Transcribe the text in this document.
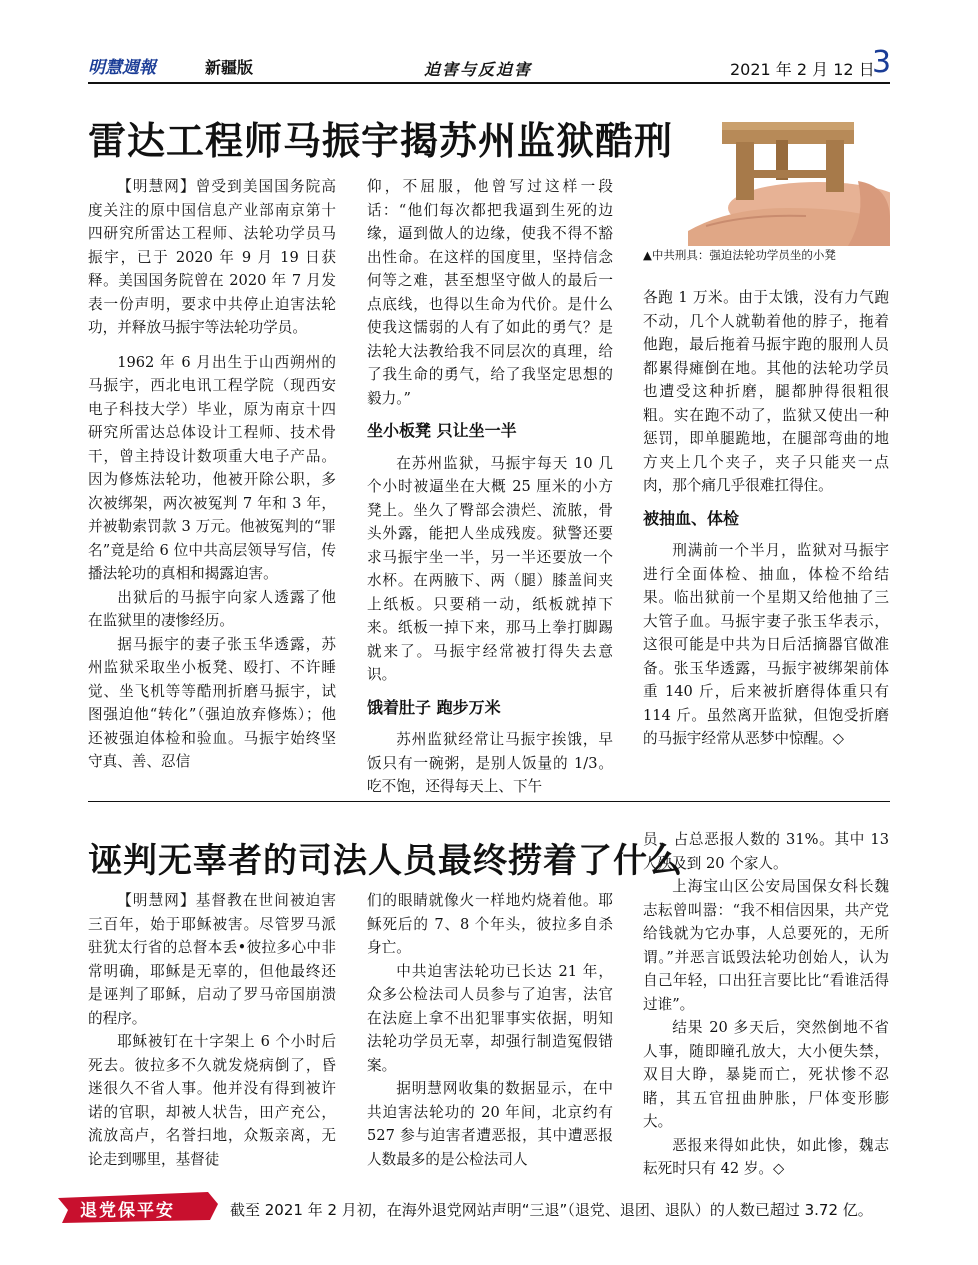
明慧週報	新疆版	迫害与反迫害	2021 年 2 月 12 日
3
雷达工程师马振宇揭苏州监狱酷刑
▲中共刑具：强迫法轮功学员坐的小凳

【明慧网】曾受到美国国务院高度关注的原中国信息产业部南京第十四研究所雷达工程师、法轮功学员马振宇，已于 2020 年 9 月 19 日获释。美国国务院曾在 2020 年 7 月发表一份声明，要求中共停止迫害法轮功，并释放马振宇等法轮功学员。

1962 年 6 月出生于山西朔州的马振宇，西北电讯工程学院（现西安电子科技大学）毕业，原为南京十四研究所雷达总体设计工程师、技术骨干，曾主持设计数项重大电子产品。因为修炼法轮功，他被开除公职，多次被绑架，两次被冤判 7 年和 3 年，并被勒索罚款 3 万元。他被冤判的“罪名”竟是给 6 位中共高层领导写信，传播法轮功的真相和揭露迫害。

出狱后的马振宇向家人透露了他在监狱里的凄惨经历。

据马振宇的妻子张玉华透露，苏州监狱采取坐小板凳、殴打、不许睡觉、坐飞机等等酷刑折磨马振宇，试图强迫他“转化”（强迫放弃修炼）；他还被强迫体检和验血。马振宇始终坚守真、善、忍信

仰，不屈服，他曾写过这样一段话：“他们每次都把我逼到生死的边缘，逼到做人的边缘，使我不得不豁出性命。在这样的国度里，坚持信念何等之难，甚至想坚守做人的最后一点底线，也得以生命为代价。是什么使我这懦弱的人有了如此的勇气？是法轮大法教给我不同层次的真理，给了我生命的勇气，给了我坚定思想的毅力。”

坐小板凳 只让坐一半

在苏州监狱，马振宇每天 10 几个小时被逼坐在大概 25 厘米的小方凳上。坐久了臀部会溃烂、流脓，骨头外露，能把人坐成残废。狱警还要求马振宇坐一半，另一半还要放一个水杯。在两腋下、两（腿）膝盖间夹上纸板。只要稍一动，纸板就掉下来。纸板一掉下来，那马上拳打脚踢就来了。马振宇经常被打得失去意识。

饿着肚子 跑步万米

苏州监狱经常让马振宇挨饿，早饭只有一碗粥，是别人饭量的 1/3。吃不饱，还得每天上、下午

各跑 1 万米。由于太饿，没有力气跑不动，几个人就勒着他的脖子，拖着他跑，最后拖着马振宇跑的服刑人员都累得瘫倒在地。其他的法轮功学员也遭受这种折磨，腿都肿得很粗很粗。实在跑不动了，监狱又使出一种惩罚，即单腿跪地，在腿部弯曲的地方夹上几个夹子，夹子只能夹一点肉，那个痛几乎很难扛得住。

被抽血、体检

刑满前一个半月，监狱对马振宇进行全面体检、抽血，体检不给结果。临出狱前一个星期又给他抽了三大管子血。马振宇妻子张玉华表示，这很可能是中共为日后活摘器官做准备。张玉华透露，马振宇被绑架前体重 140 斤，后来被折磨得体重只有 114 斤。虽然离开监狱，但饱受折磨的马振宇经常从恶梦中惊醒。◇

诬判无辜者的司法人员最终捞着了什么

【明慧网】基督教在世间被迫害三百年，始于耶稣被害。尽管罗马派驻犹太行省的总督本丢•彼拉多心中非常明确，耶稣是无辜的，但他最终还是诬判了耶稣，启动了罗马帝国崩溃的程序。

耶稣被钉在十字架上 6 个小时后死去。彼拉多不久就发烧病倒了，昏迷很久不省人事。他并没有得到被许诺的官职，却被人状告，田产充公，流放高卢，名誉扫地，众叛亲离，无论走到哪里，基督徒

们的眼睛就像火一样地灼烧着他。耶稣死后的 7、8 个年头，彼拉多自杀身亡。

中共迫害法轮功已长达 21 年，众多公检法司人员参与了迫害，法官在法庭上拿不出犯罪事实依据，明知法轮功学员无辜，却强行制造冤假错案。

据明慧网收集的数据显示，在中共迫害法轮功的 20 年间，北京约有 527 参与迫害者遭恶报，其中遭恶报人数最多的是公检法司人

员，占总恶报人数的 31%。其中 13 人殃及到 20 个家人。

上海宝山区公安局国保女科长魏志耘曾叫嚣：“我不相信因果，共产党给钱就为它办事，人总要死的，无所谓。”并恶言诋毁法轮功创始人，认为自己年轻，口出狂言要比比“看谁活得过谁”。

结果 20 多天后，突然倒地不省人事，随即瞳孔放大，大小便失禁，双目大睁，暴毙而亡，死状惨不忍睹，其五官扭曲肿胀，尸体变形膨大。

恶报来得如此快，如此惨，魏志耘死时只有 42 岁。◇

退党保平安	截至 2021 年 2 月初，在海外退党网站声明“三退”（退党、退团、退队）的人数已超过 3.72 亿。
